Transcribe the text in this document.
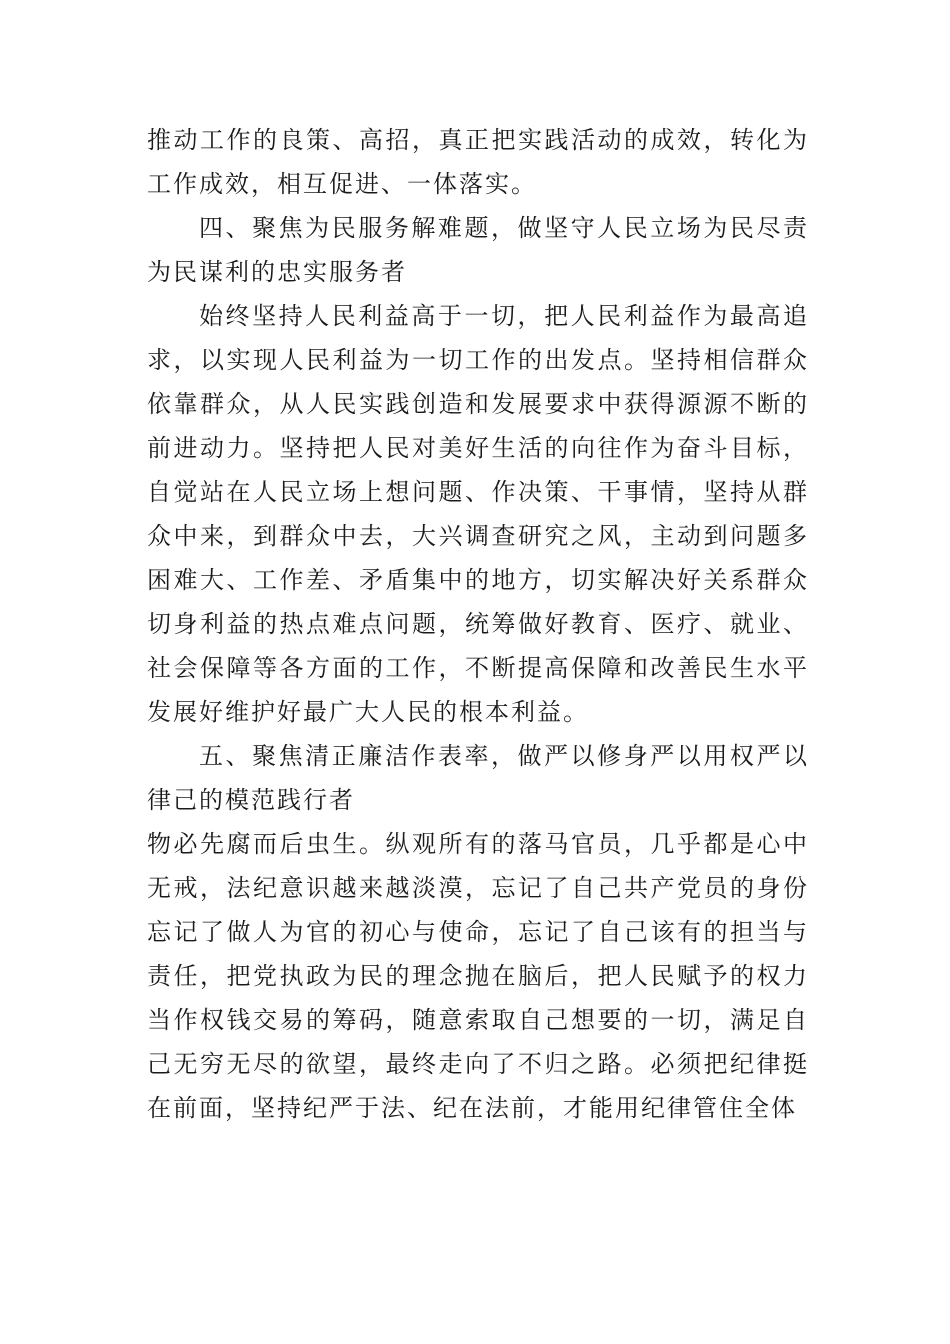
推动工作的良策、高招，真正把实践活动的成效，转化为
工作成效，相互促进、一体落实。
四、聚焦为民服务解难题，做坚守人民立场为民尽责
为民谋利的忠实服务者
始终坚持人民利益高于一切，把人民利益作为最高追
求，以实现人民利益为一切工作的出发点。坚持相信群众
依靠群众，从人民实践创造和发展要求中获得源源不断的
前进动力。坚持把人民对美好生活的向往作为奋斗目标，
自觉站在人民立场上想问题、作决策、干事情，坚持从群
众中来，到群众中去，大兴调查研究之风，主动到问题多
困难大、工作差、矛盾集中的地方，切实解决好关系群众
切身利益的热点难点问题，统筹做好教育、医疗、就业、
社会保障等各方面的工作，不断提高保障和改善民生水平
发展好维护好最广大人民的根本利益。
五、聚焦清正廉洁作表率，做严以修身严以用权严以
律己的模范践行者
物必先腐而后虫生。纵观所有的落马官员，几乎都是心中
无戒，法纪意识越来越淡漠，忘记了自己共产党员的身份
忘记了做人为官的初心与使命，忘记了自己该有的担当与
责任，把党执政为民的理念抛在脑后，把人民赋予的权力
当作权钱交易的筹码，随意索取自己想要的一切，满足自
己无穷无尽的欲望，最终走向了不归之路。必须把纪律挺
在前面，坚持纪严于法、纪在法前，才能用纪律管住全体
